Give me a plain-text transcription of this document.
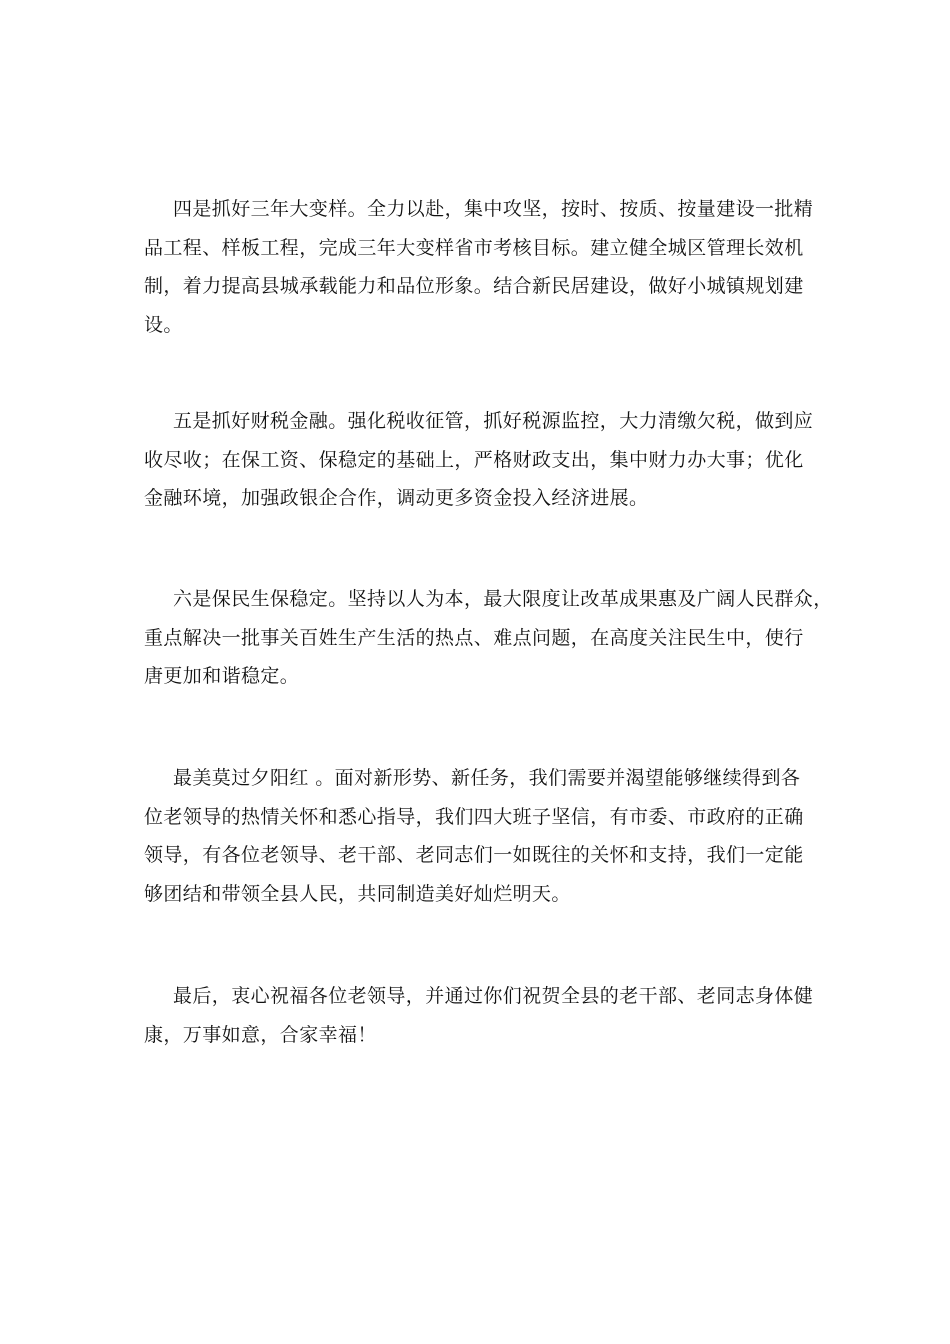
四是抓好三年大变样。全力以赴，集中攻坚，按时、按质、按量建设一批精
品工程、样板工程，完成三年大变样省市考核目标。建立健全城区管理长效机
制，着力提高县城承载能力和品位形象。结合新民居建设，做好小城镇规划建
设。

五是抓好财税金融。强化税收征管，抓好税源监控，大力清缴欠税，做到应
收尽收；在保工资、保稳定的基础上，严格财政支出，集中财力办大事；优化
金融环境，加强政银企合作，调动更多资金投入经济进展。

六是保民生保稳定。坚持以人为本，最大限度让改革成果惠及广阔人民群众，
重点解决一批事关百姓生产生活的热点、难点问题，在高度关注民生中，使行
唐更加和谐稳定。

最美莫过夕阳红 。面对新形势、新任务，我们需要并渴望能够继续得到各
位老领导的热情关怀和悉心指导，我们四大班子坚信，有市委、市政府的正确
领导，有各位老领导、老干部、老同志们一如既往的关怀和支持，我们一定能
够团结和带领全县人民，共同制造美好灿烂明天。

最后，衷心祝福各位老领导，并通过你们祝贺全县的老干部、老同志身体健
康，万事如意，合家幸福！
